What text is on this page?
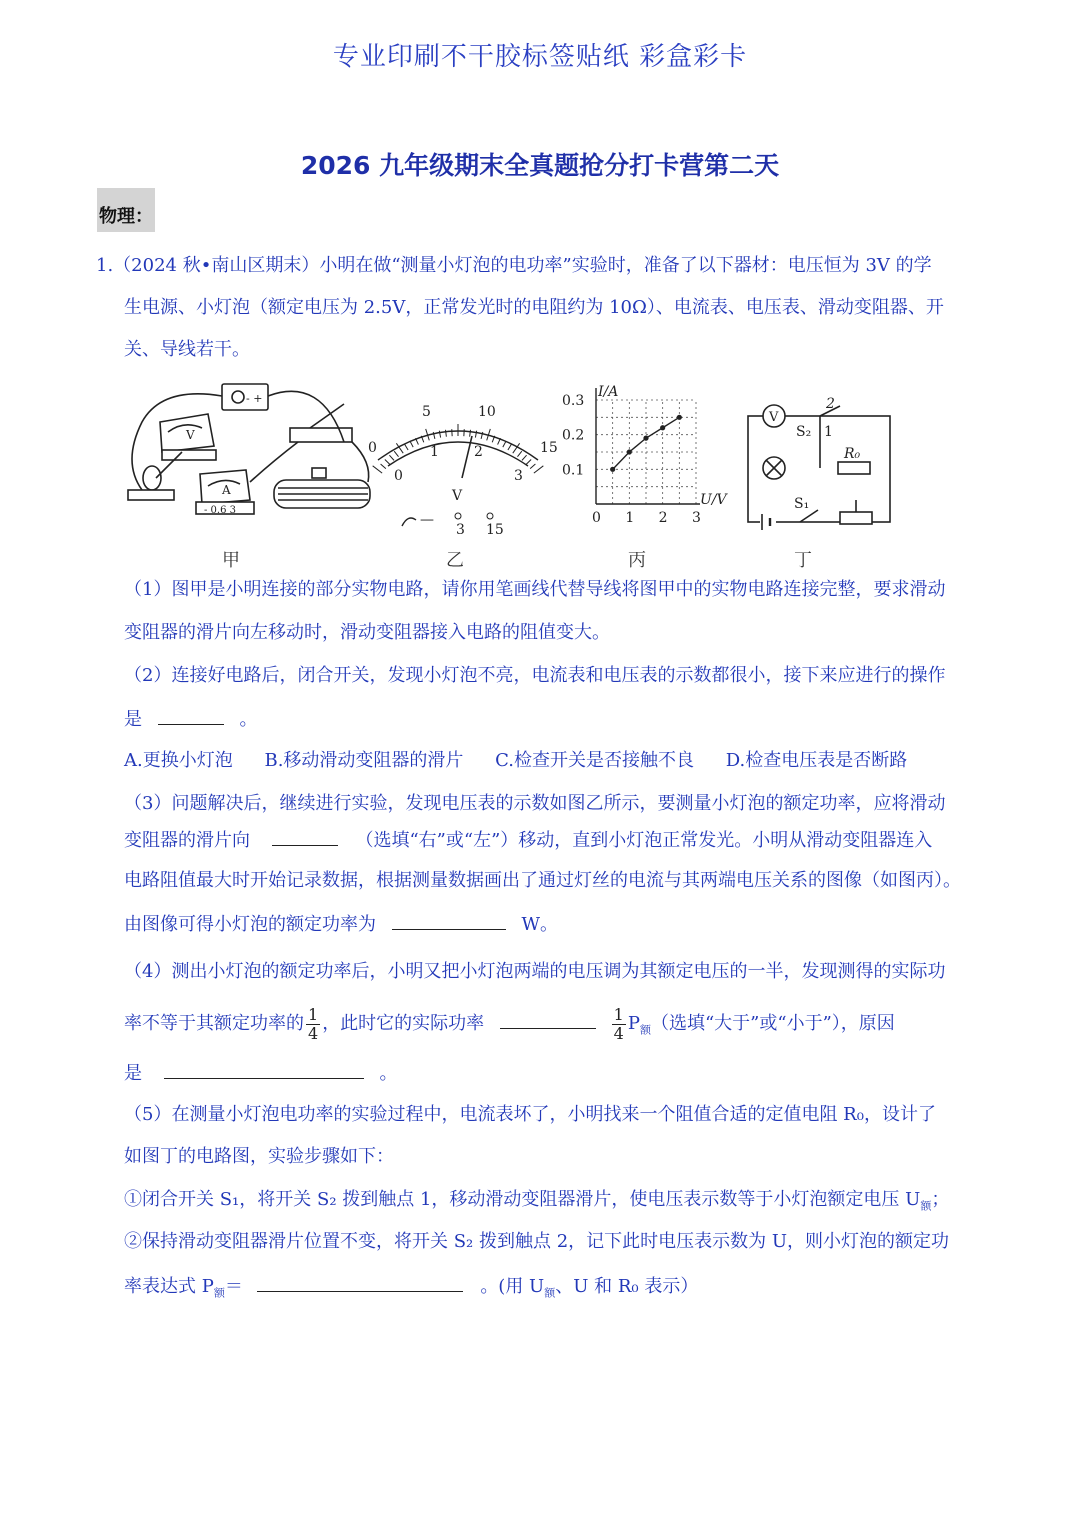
专业印刷不干胶标签贴纸 彩盒彩卡
2026 九年级期末全真题抢分打卡营第二天
物理：
1.（2024 秋•南山区期末）小明在做“测量小灯泡的电功率”实验时，准备了以下器材：电压恒为 3V 的学
生电源、小灯泡（额定电压为 2.5V，正常发光时的电阻约为 10Ω）、电流表、电压表、滑动变阻器、开
关、导线若干。
V
A
- 0.6 3
- +
0
5	10
15
0
1	2
3
V
—
3 15
I/A
U/V
0 1 2 3
0.1
0.2
0.3
V
S₂ 1
2
R₀
S₁
甲	乙	丙	丁
（1）图甲是小明连接的部分实物电路，请你用笔画线代替导线将图甲中的实物电路连接完整，要求滑动
变阻器的滑片向左移动时，滑动变阻器接入电路的阻值变大。
（2）连接好电路后，闭合开关，发现小灯泡不亮，电流表和电压表的示数都很小，接下来应进行的操作
是	。
A.更换小灯泡 B.移动滑动变阻器的滑片 C.检查开关是否接触不良 D.检查电压表是否断路
（3）问题解决后，继续进行实验，发现电压表的示数如图乙所示，要测量小灯泡的额定功率，应将滑动
变阻器的滑片向	（选填“右”或“左”）移动，直到小灯泡正常发光。小明从滑动变阻器连入
电路阻值最大时开始记录数据，根据测量数据画出了通过灯丝的电流与其两端电压关系的图像（如图丙）。
由图像可得小灯泡的额定功率为	W。
（4）测出小灯泡的额定功率后，小明又把小灯泡两端的电压调为其额定电压的一半，发现测得的实际功
率不等于其额定功率的 $\frac{1}{4}$ ，此时它的实际功率	$\frac{1}{4} P_额$（选填“大于”或“小于”），原因
是	。
（5）在测量小灯泡电功率的实验过程中，电流表坏了，小明找来一个阻值合适的定值电阻 R₀，设计了
如图丁的电路图，实验步骤如下：
①闭合开关 S₁，将开关 S₂ 拨到触点 1，移动滑动变阻器滑片，使电压表示数等于小灯泡额定电压 $U_额$；
②保持滑动变阻器滑片位置不变，将开关 S₂ 拨到触点 2，记下此时电压表示数为 U，则小灯泡的额定功
率表达式 $P_额=$	。(用 $U_额$、U 和 R₀ 表示）
